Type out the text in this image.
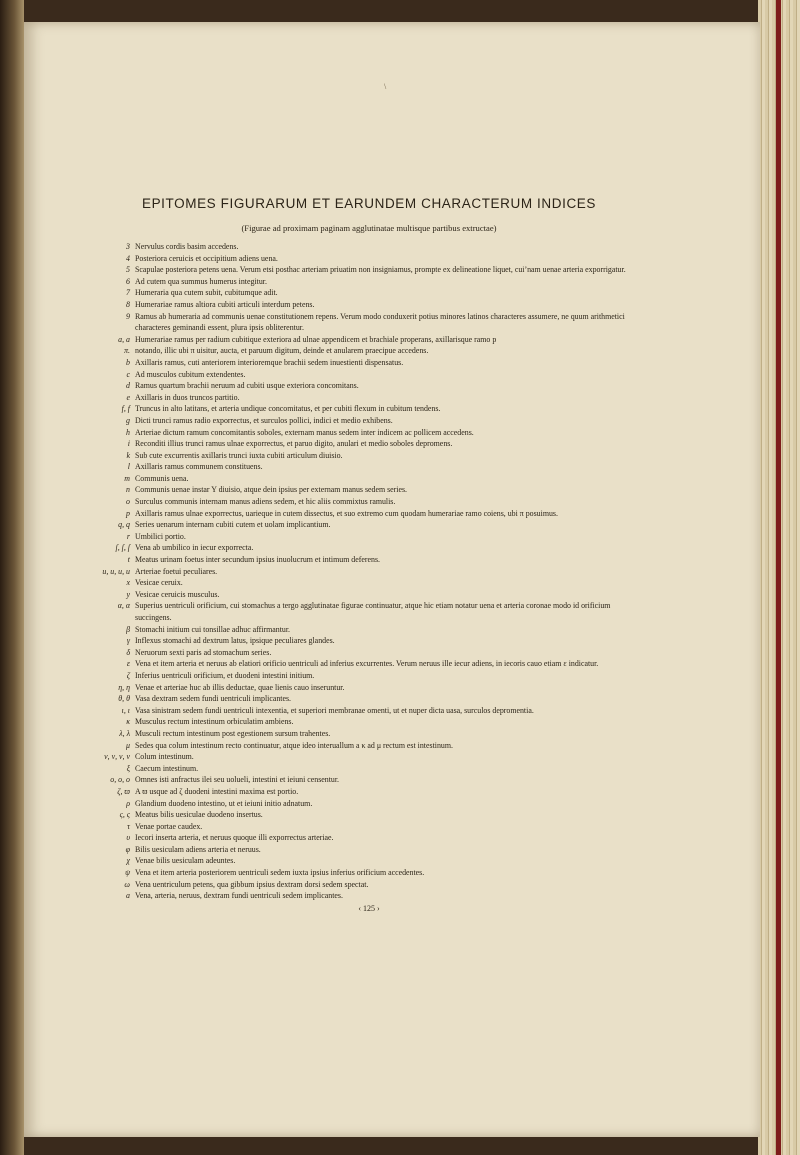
\
EPITOMES FIGURARUM ET EARUNDEM CHARACTERUM INDICES
(Figurae ad proximam paginam agglutinatae multisque partibus extructae)
3 Nervulus cordis basim accedens.
4 Posteriora ceruicis et occipitium adiens uena.
5 Scapulae posteriora petens uena. Verum etsi posthac arteriam priuatim non insigniamus, prompte ex delineatione liquet, cui’nam uenae arteria exporrigatur.
6 Ad cutem qua summus humerus integitur.
7 Humeraria qua cutem subit, cubitumque adit.
8 Humerariae ramus altiora cubiti articuli interdum petens.
9 Ramus ab humeraria ad communis uenae constitutionem repens. Verum modo conduxerit potius minores latinos characteres assumere, ne quum arithmetici characteres geminandi essent, plura ipsis obliterentur.
a, a Humerariae ramus per radium cubitique exteriora ad ulnae appendicem et brachiale properans, axillarisque ramo p
π. notando, illic ubi π uisitur, aucta, et paruum digitum, deinde et anularem praecipue accedens.
b Axillaris ramus, cuti anteriorem interioremque brachii sedem inuestienti dispensatus.
c Ad musculos cubitum extendentes.
d Ramus quartum brachii neruum ad cubiti usque exteriora concomitans.
e Axillaris in duos truncos partitio.
f, f Truncus in alto latitans, et arteria undique concomitatus, et per cubiti flexum in cubitum tendens.
g Dicti trunci ramus radio exporrectus, et surculos pollici, indici et medio exhibens.
h Arteriae dictum ramum concomitantis soboles, externam manus sedem inter indicem ac pollicem accedens.
i Reconditi illius trunci ramus ulnae exporrectus, et paruo digito, anulari et medio soboles depromens.
k Sub cute excurrentis axillaris trunci iuxta cubiti articulum diuisio.
l Axillaris ramus communem constituens.
m Communis uena.
n Communis uenae instar Y diuisio, atque dein ipsius per externam manus sedem series.
o Surculus communis internam manus adiens sedem, et hic aliis commixtus ramulis.
p Axillaris ramus ulnae exporrectus, uarieque in cutem dissectus, et suo extremo cum quodam humerariae ramo coiens, ubi π posuimus.
q, q Series uenarum internam cubiti cutem et uolam implicantium.
r Umbilici portio.
ſ, ſ, ſ Vena ab umbilico in iecur exporrecta.
t Meatus urinam foetus inter secundum ipsius inuolucrum et intimum deferens.
u, u, u, u Arteriae foetui peculiares.
x Vesicae ceruix.
y Vesicae ceruicis musculus.
α, α Superius uentriculi orificium, cui stomachus a tergo agglutinatae figurae continuatur, atque hic etiam notatur uena et arteria coronae modo id orificium succingens.
β Stomachi initium cui tonsillae adhuc affirmantur.
γ Inflexus stomachi ad dextrum latus, ipsique peculiares glandes.
δ Neruorum sexti paris ad stomachum series.
ε Vena et item arteria et neruus ab elatiori orificio uentriculi ad inferius excurrentes. Verum neruus ille iecur adiens, in iecoris cauo etiam ε indicatur.
ζ Inferius uentriculi orificium, et duodeni intestini initium.
η, η Venae et arteriae huc ab illis deductae, quae lienis cauo inseruntur.
θ, θ Vasa dextram sedem fundi uentriculi implicantes.
ι, ι Vasa sinistram sedem fundi uentriculi intexentia, et superiori membranae omenti, ut et nuper dicta uasa, surculos depromentia.
κ Musculus rectum intestinum orbiculatim ambiens.
λ, λ Musculi rectum intestinum post egestionem sursum trahentes.
μ Sedes qua colum intestinum recto continuatur, atque ideo interuallum a κ ad μ rectum est intestinum.
ν, ν, ν, ν Colum intestinum.
ξ Caecum intestinum.
ο, ο, ο Omnes isti anfractus ilei seu uolueli, intestini et ieiuni censentur.
ζ, ϖ A ϖ usque ad ζ duodeni intestini maxima est portio.
ρ Glandium duodeno intestino, ut et ieiuni initio adnatum.
ς, ς Meatus bilis uesiculae duodeno insertus.
τ Venae portae caudex.
υ Iecori inserta arteria, et neruus quoque illi exporrectus arteriae.
φ Bilis uesiculam adiens arteria et neruus.
χ Venae bilis uesiculam adeuntes.
ψ Vena et item arteria posteriorem uentriculi sedem iuxta ipsius inferius orificium accedentes.
ω Vena uentriculum petens, qua gibbum ipsius dextram dorsi sedem spectat.
a Vena, arteria, neruus, dextram fundi uentriculi sedem implicantes.
‹ 125 ›
